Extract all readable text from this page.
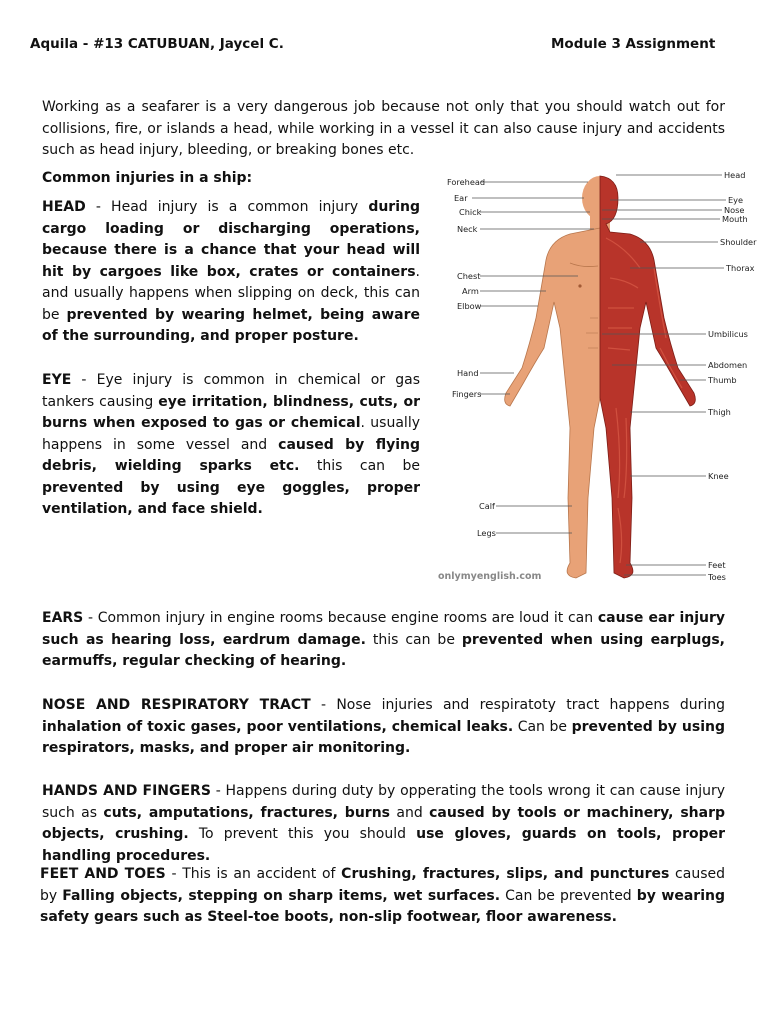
Aquila - #13 CATUBUAN, Jaycel C.	Module 3 Assignment

Working as a seafarer is a very dangerous job because not only that you should watch out for collisions, fire, or islands a head, while working in a vessel it can also cause injury and accidents such as head injury, bleeding, or breaking bones etc.

Common injuries in a ship:

HEAD - Head injury is a common injury during cargo loading or discharging operations, because there is a chance that your head will hit by cargoes like box, crates or containers. and usually happens when slipping on deck, this can be prevented by wearing helmet, being aware of the surrounding, and proper posture.

EYE - Eye injury is common in chemical or gas tankers causing eye irritation, blindness, cuts, or burns when exposed to gas or chemical. usually happens in some vessel and caused by flying debris, wielding sparks etc. this can be prevented by using eye goggles, proper ventilation, and face shield.

Forehead
Ear
Chick
Neck
Chest
Arm
Elbow
Hand
Fingers
Calf
Legs
Head
Eye
Nose
Mouth
Shoulder
Thorax
Umbilicus
Abdomen
Thumb
Thigh
Knee
Feet
Toes
onlymyenglish.com

EARS - Common injury in engine rooms because engine rooms are loud it can cause ear injury such as hearing loss, eardrum damage. this can be prevented when using earplugs, earmuffs, regular checking of hearing.

NOSE AND RESPIRATORY TRACT - Nose injuries and respiratoty tract happens during inhalation of toxic gases, poor ventilations, chemical leaks. Can be prevented by using respirators, masks, and proper air monitoring.

HANDS AND FINGERS - Happens during duty by opperating the tools wrong it can cause injury such as cuts, amputations, fractures, burns and caused by tools or machinery, sharp objects, crushing. To prevent this you should use gloves, guards on tools, proper handling procedures.

FEET AND TOES - This is an accident of Crushing, fractures, slips, and punctures caused by Falling objects, stepping on sharp items, wet surfaces. Can be prevented by wearing safety gears such as Steel-toe boots, non-slip footwear, floor awareness.
